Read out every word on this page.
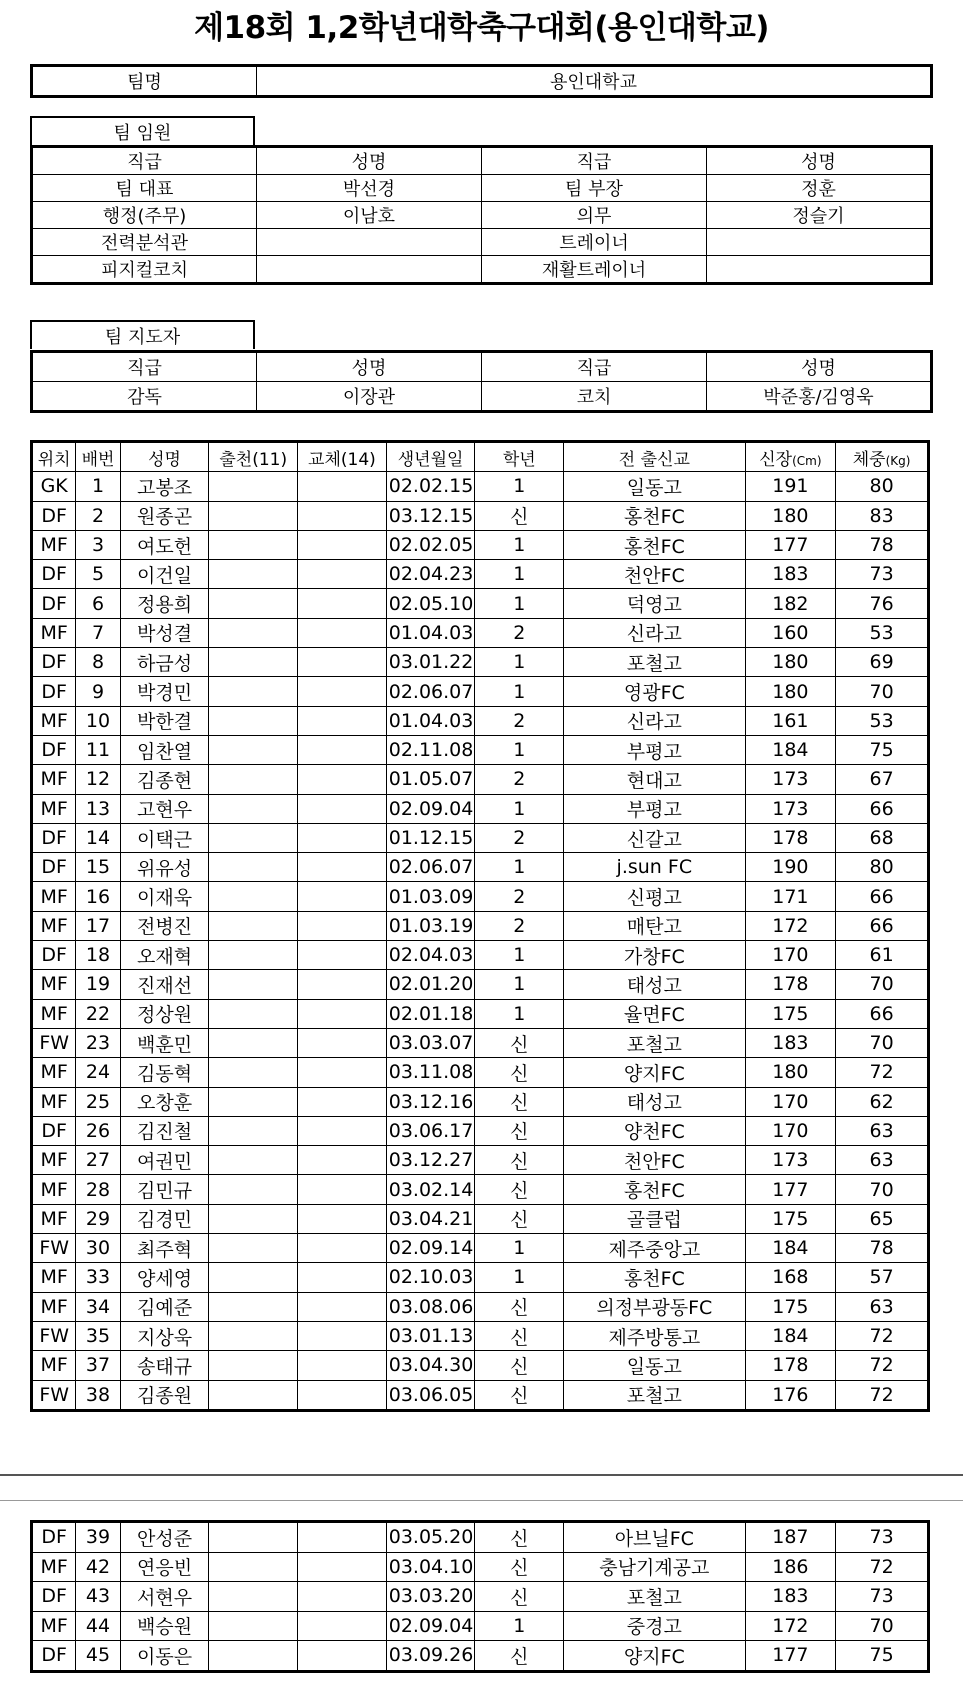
제18회 1,2학년대학축구대회(용인대학교)
팀명	용인대학교
팀 임원
직급	성명	직급	성명
팀 대표	박선경	팀 부장	정훈
행정(주무)	이남호	의무	정슬기
전력분석관		트레이너	
피지컬코치		재활트레이너	
팀 지도자
직급	성명	직급	성명
감독	이장관	코치	박준홍/김영욱
위치	배번	성명	출천(11)	교체(14)	생년월일	학년	전 출신교	신장(Cm)	체중(Kg)
GK	1	고봉조			02.02.15	1	일동고	191	80
DF	2	원종곤			03.12.15	신	홍천FC	180	83
MF	3	여도헌			02.02.05	1	홍천FC	177	78
DF	5	이건일			02.04.23	1	천안FC	183	73
DF	6	정용희			02.05.10	1	덕영고	182	76
MF	7	박성결			01.04.03	2	신라고	160	53
DF	8	하금성			03.01.22	1	포철고	180	69
DF	9	박경민			02.06.07	1	영광FC	180	70
MF	10	박한결			01.04.03	2	신라고	161	53
DF	11	임찬열			02.11.08	1	부평고	184	75
MF	12	김종현			01.05.07	2	현대고	173	67
MF	13	고현우			02.09.04	1	부평고	173	66
DF	14	이택근			01.12.15	2	신갈고	178	68
DF	15	위유성			02.06.07	1	j.sun FC	190	80
MF	16	이재욱			01.03.09	2	신평고	171	66
MF	17	전병진			01.03.19	2	매탄고	172	66
DF	18	오재혁			02.04.03	1	가창FC	170	61
MF	19	진재선			02.01.20	1	태성고	178	70
MF	22	정상원			02.01.18	1	율면FC	175	66
FW	23	백훈민			03.03.07	신	포철고	183	70
MF	24	김동혁			03.11.08	신	양지FC	180	72
MF	25	오창훈			03.12.16	신	태성고	170	62
DF	26	김진철			03.06.17	신	양천FC	170	63
MF	27	여권민			03.12.27	신	천안FC	173	63
MF	28	김민규			03.02.14	신	홍천FC	177	70
MF	29	김경민			03.04.21	신	골클럽	175	65
FW	30	최주혁			02.09.14	1	제주중앙고	184	78
MF	33	양세영			02.10.03	1	홍천FC	168	57
MF	34	김예준			03.08.06	신	의정부광동FC	175	63
FW	35	지상욱			03.01.13	신	제주방통고	184	72
MF	37	송태규			03.04.30	신	일동고	178	72
FW	38	김종원			03.06.05	신	포철고	176	72
DF	39	안성준			03.05.20	신	아브닐FC	187	73
MF	42	연응빈			03.04.10	신	충남기계공고	186	72
DF	43	서현우			03.03.20	신	포철고	183	73
MF	44	백승원			02.09.04	1	중경고	172	70
DF	45	이동은			03.09.26	신	양지FC	177	75
